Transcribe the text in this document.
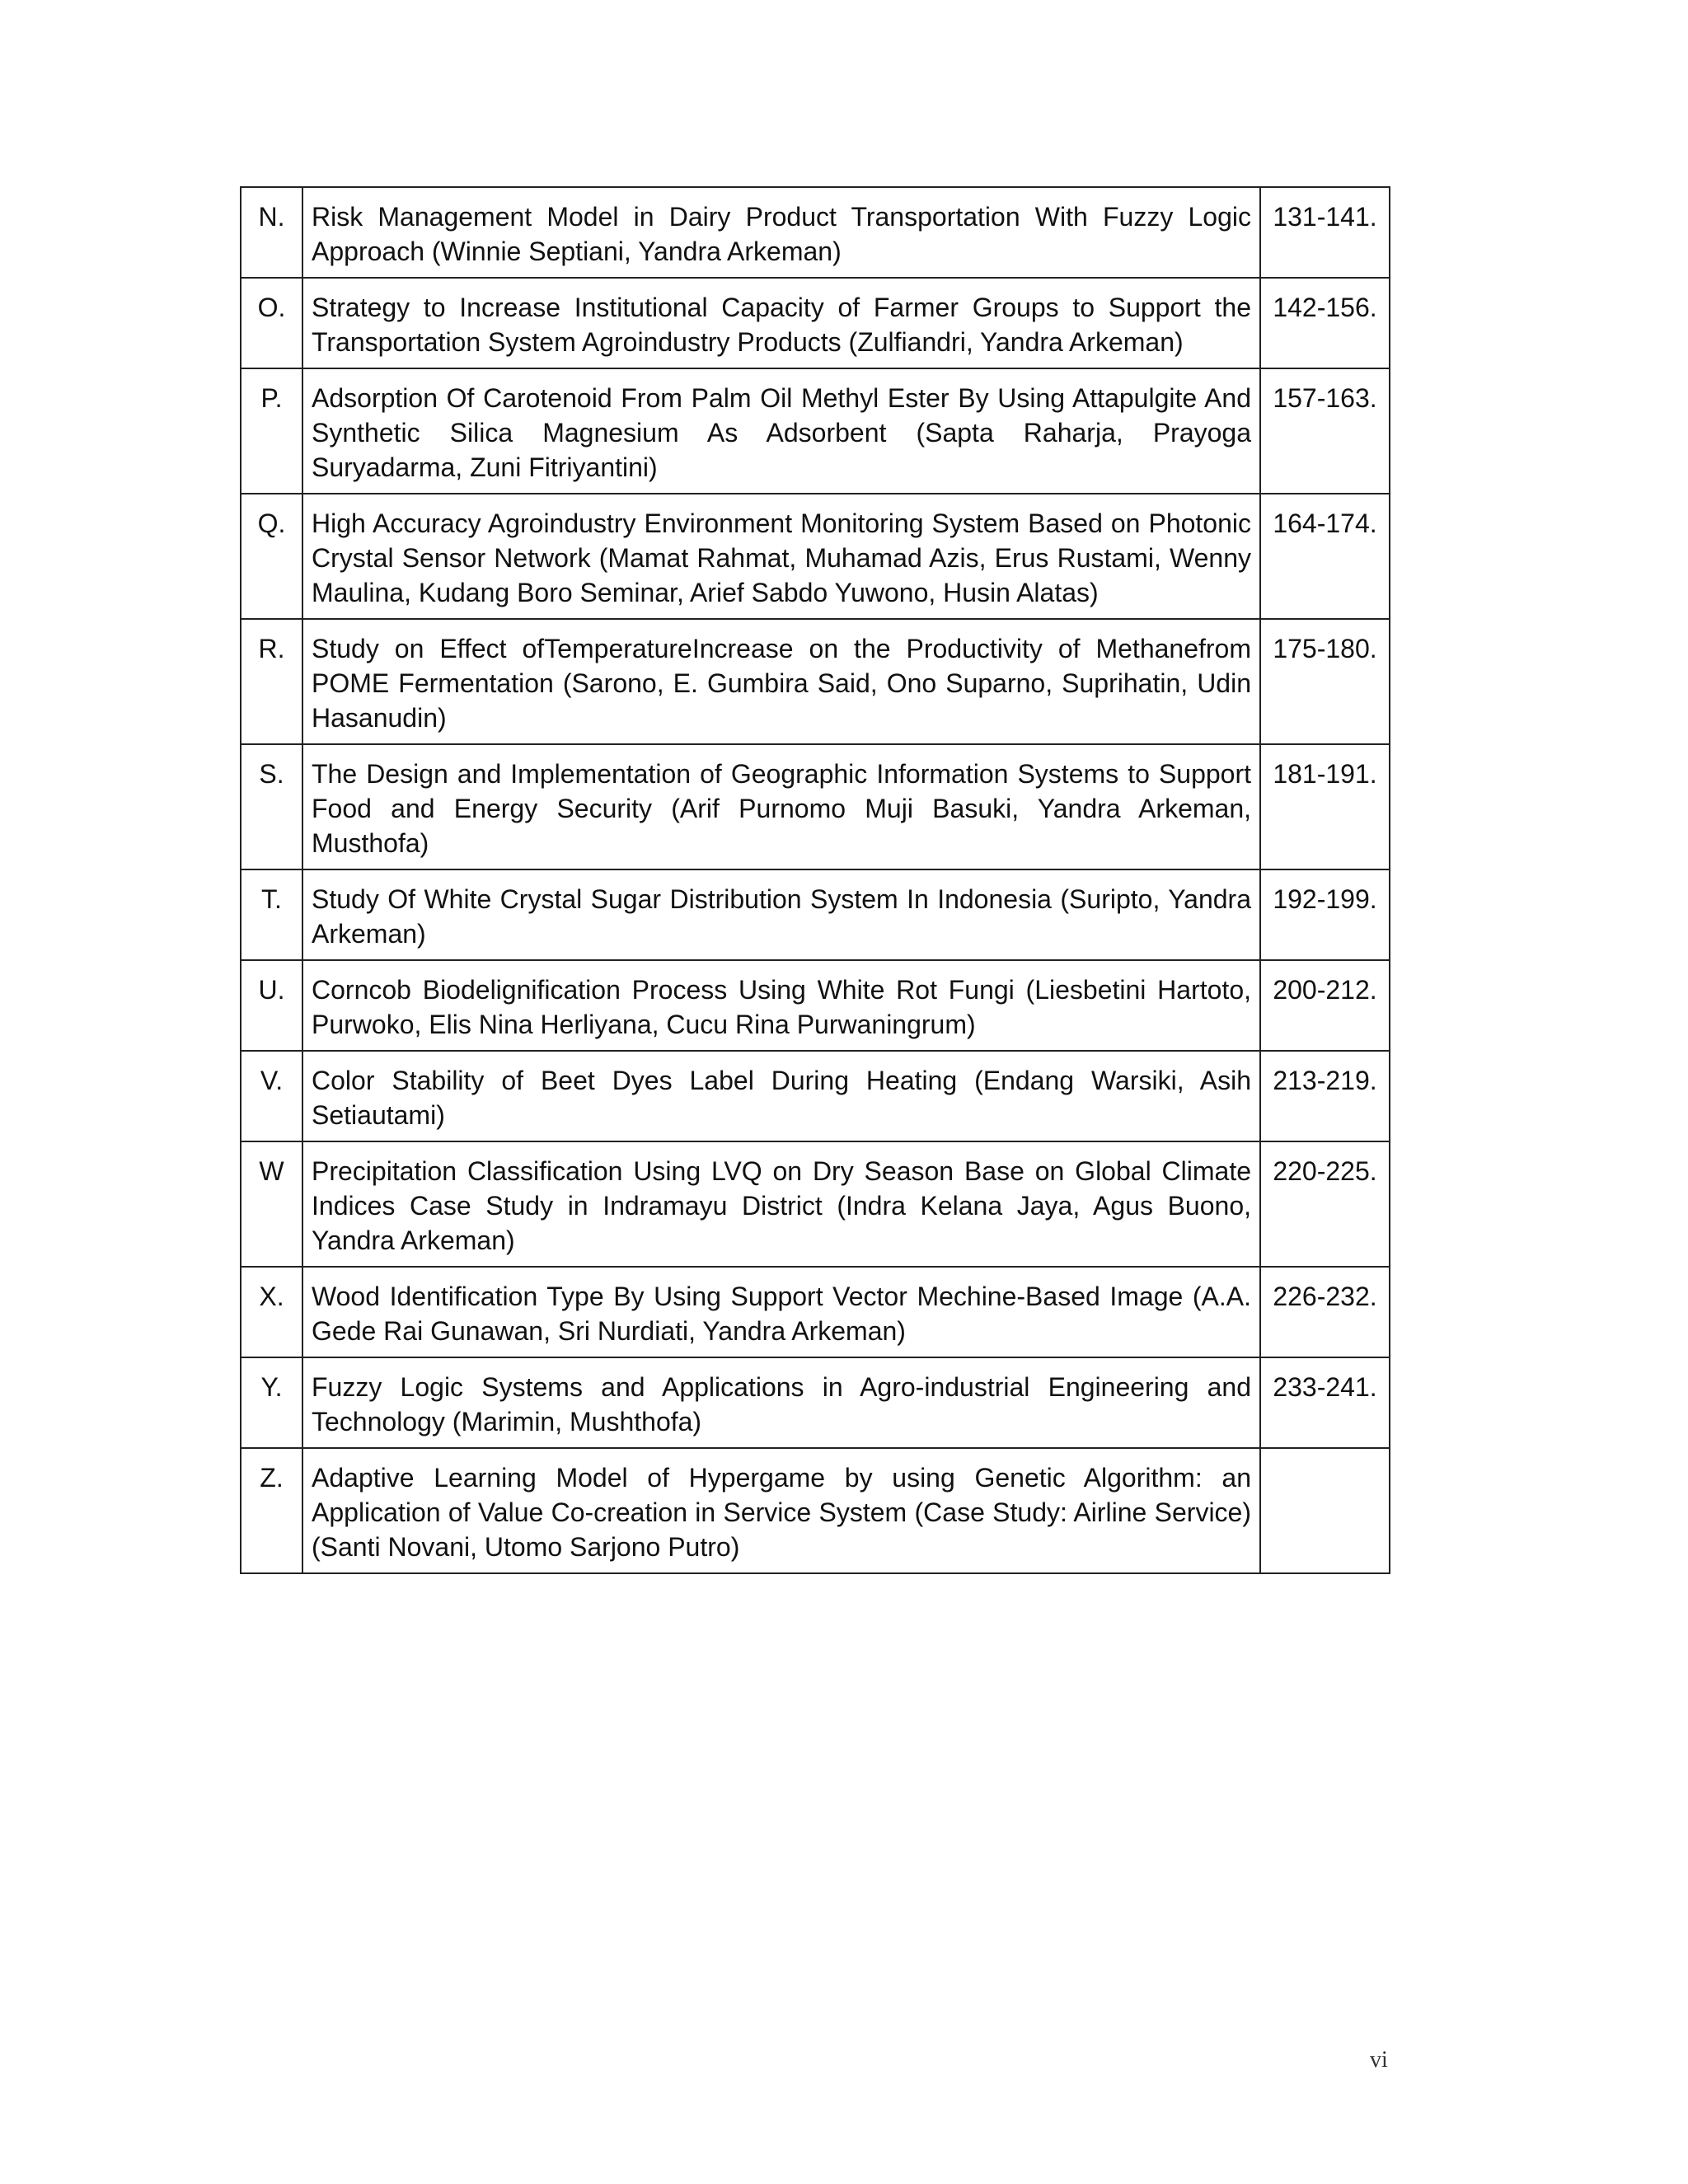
N.	Risk Management Model in Dairy Product Transportation With Fuzzy Logic Approach (Winnie Septiani, Yandra Arkeman)	131-141.
O.	Strategy to Increase Institutional Capacity of Farmer Groups to Support the Transportation System Agroindustry Products (Zulfiandri, Yandra Arkeman)	142-156.
P.	Adsorption Of Carotenoid From Palm Oil Methyl Ester By Using Attapulgite And Synthetic Silica Magnesium As Adsorbent (Sapta Raharja, Prayoga Suryadarma, Zuni Fitriyantini)	157-163.
Q.	High Accuracy Agroindustry Environment Monitoring System Based on Photonic Crystal Sensor Network (Mamat Rahmat, Muhamad Azis, Erus Rustami, Wenny Maulina, Kudang Boro Seminar, Arief Sabdo Yuwono, Husin Alatas)	164-174.
R.	Study on Effect ofTemperatureIncrease on the Productivity of Methanefrom POME Fermentation (Sarono, E. Gumbira Said, Ono Suparno, Suprihatin, Udin Hasanudin)	175-180.
S.	The Design and Implementation of Geographic Information Systems to Support Food and Energy Security (Arif Purnomo Muji Basuki, Yandra Arkeman, Musthofa)	181-191.
T.	Study Of White Crystal Sugar Distribution System In Indonesia (Suripto, Yandra Arkeman)	192-199.
U.	Corncob Biodelignification Process Using White Rot Fungi (Liesbetini Hartoto, Purwoko, Elis Nina Herliyana, Cucu Rina Purwaningrum)	200-212.
V.	Color Stability of Beet Dyes Label During Heating (Endang Warsiki, Asih Setiautami)	213-219.
W	Precipitation Classification Using LVQ on Dry Season Base on Global Climate Indices Case Study in Indramayu District (Indra Kelana Jaya, Agus Buono, Yandra Arkeman)	220-225.
X.	Wood Identification Type By Using Support Vector Mechine-Based Image (A.A. Gede Rai Gunawan, Sri Nurdiati, Yandra Arkeman)	226-232.
Y.	Fuzzy Logic Systems and Applications in Agro-industrial Engineering and Technology (Marimin, Mushthofa)	233-241.
Z.	Adaptive Learning Model of Hypergame by using Genetic Algorithm: an Application of Value Co-creation in Service System (Case Study: Airline Service) (Santi Novani, Utomo Sarjono Putro)	
vi
